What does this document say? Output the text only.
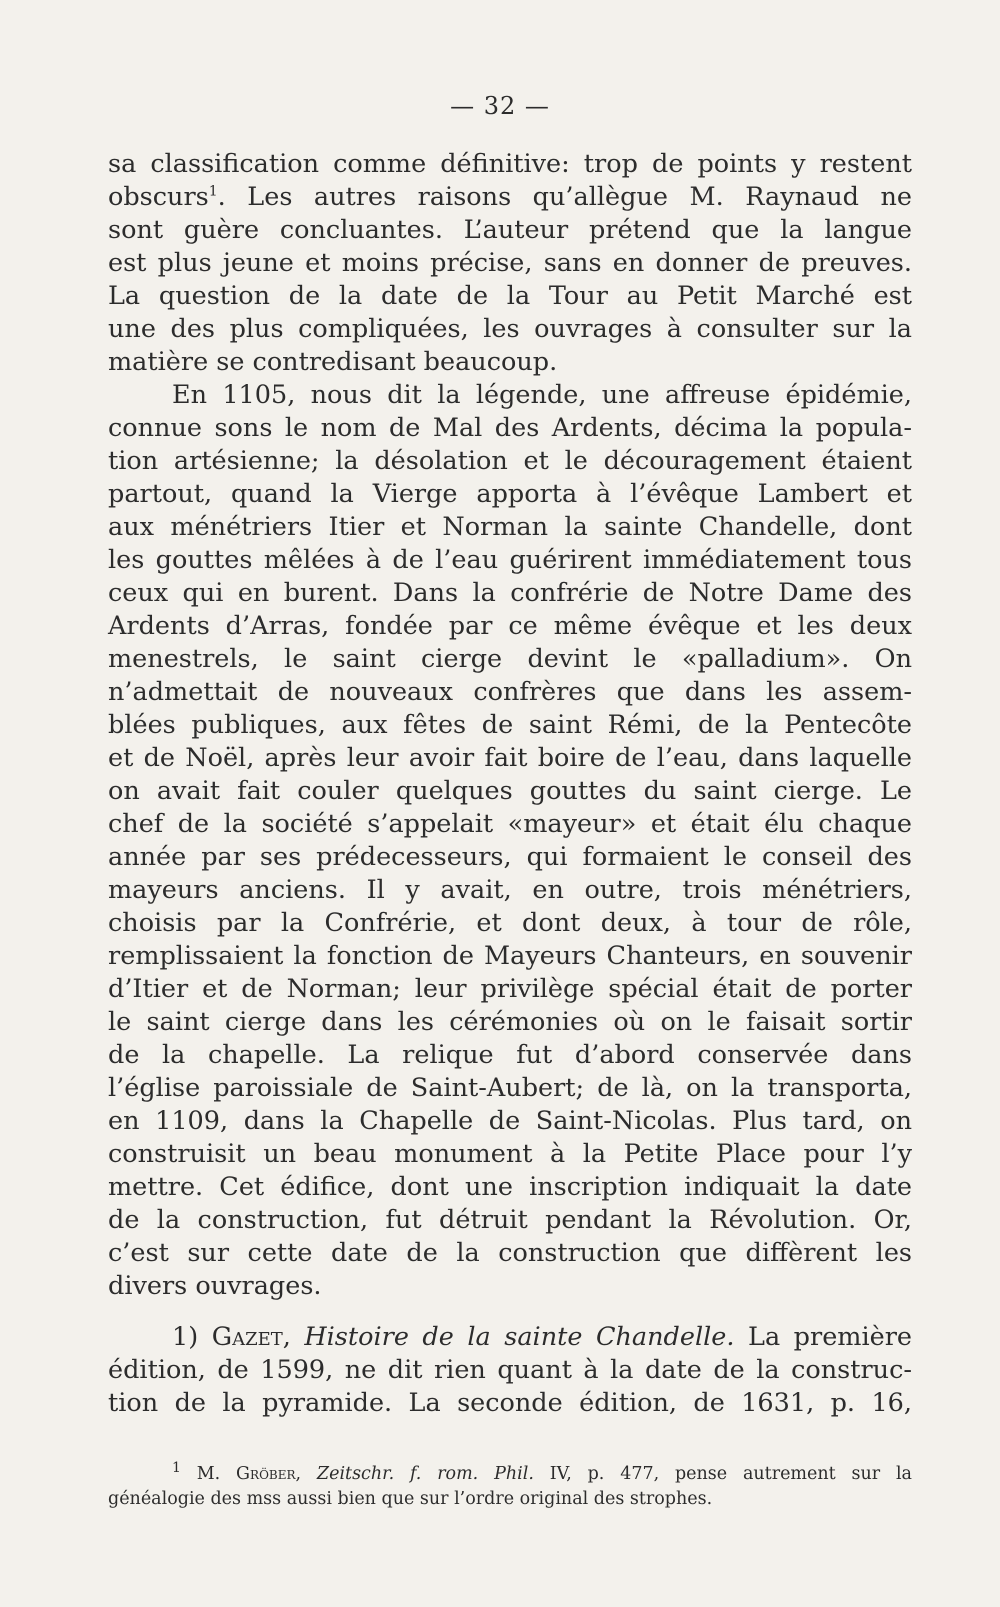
— 32 —
sa classification comme définitive: trop de points y restent
obscurs$^1$. Les autres raisons qu’allègue M. Raynaud ne
sont guère concluantes. L’auteur prétend que la langue
est plus jeune et moins précise, sans en donner de preuves.
La question de la date de la Tour au Petit Marché est
une des plus compliquées, les ouvrages à consulter sur la
matière se contredisant beaucoup.
En 1105, nous dit la légende, une affreuse épidémie,
connue sons le nom de Mal des Ardents, décima la popula-
tion artésienne; la désolation et le découragement étaient
partout, quand la Vierge apporta à l’évêque Lambert et
aux ménétriers Itier et Norman la sainte Chandelle, dont
les gouttes mêlées à de l’eau guérirent immédiatement tous
ceux qui en burent. Dans la confrérie de Notre Dame des
Ardents d’Arras, fondée par ce même évêque et les deux
menestrels, le saint cierge devint le «palladium». On
n’admettait de nouveaux confrères que dans les assem-
blées publiques, aux fêtes de saint Rémi, de la Pentecôte
et de Noël, après leur avoir fait boire de l’eau, dans laquelle
on avait fait couler quelques gouttes du saint cierge. Le
chef de la société s’appelait «mayeur» et était élu chaque
année par ses prédecesseurs, qui formaient le conseil des
mayeurs anciens. Il y avait, en outre, trois ménétriers,
choisis par la Confrérie, et dont deux, à tour de rôle,
remplissaient la fonction de Mayeurs Chanteurs, en souvenir
d’Itier et de Norman; leur privilège spécial était de porter
le saint cierge dans les cérémonies où on le faisait sortir
de la chapelle. La relique fut d’abord conservée dans
l’église paroissiale de Saint-Aubert; de là, on la transporta,
en 1109, dans la Chapelle de Saint-Nicolas. Plus tard, on
construisit un beau monument à la Petite Place pour l’y
mettre. Cet édifice, dont une inscription indiquait la date
de la construction, fut détruit pendant la Révolution. Or,
c’est sur cette date de la construction que diffèrent les
divers ouvrages.
1) Gazet, Histoire de la sainte Chandelle. La première
édition, de 1599, ne dit rien quant à la date de la construc-
tion de la pyramide. La seconde édition, de 1631, p. 16,
$^1$ M. Gröber, Zeitschr. f. rom. Phil. IV, p. 477, pense autrement sur la
généalogie des mss aussi bien que sur l’ordre original des strophes.
